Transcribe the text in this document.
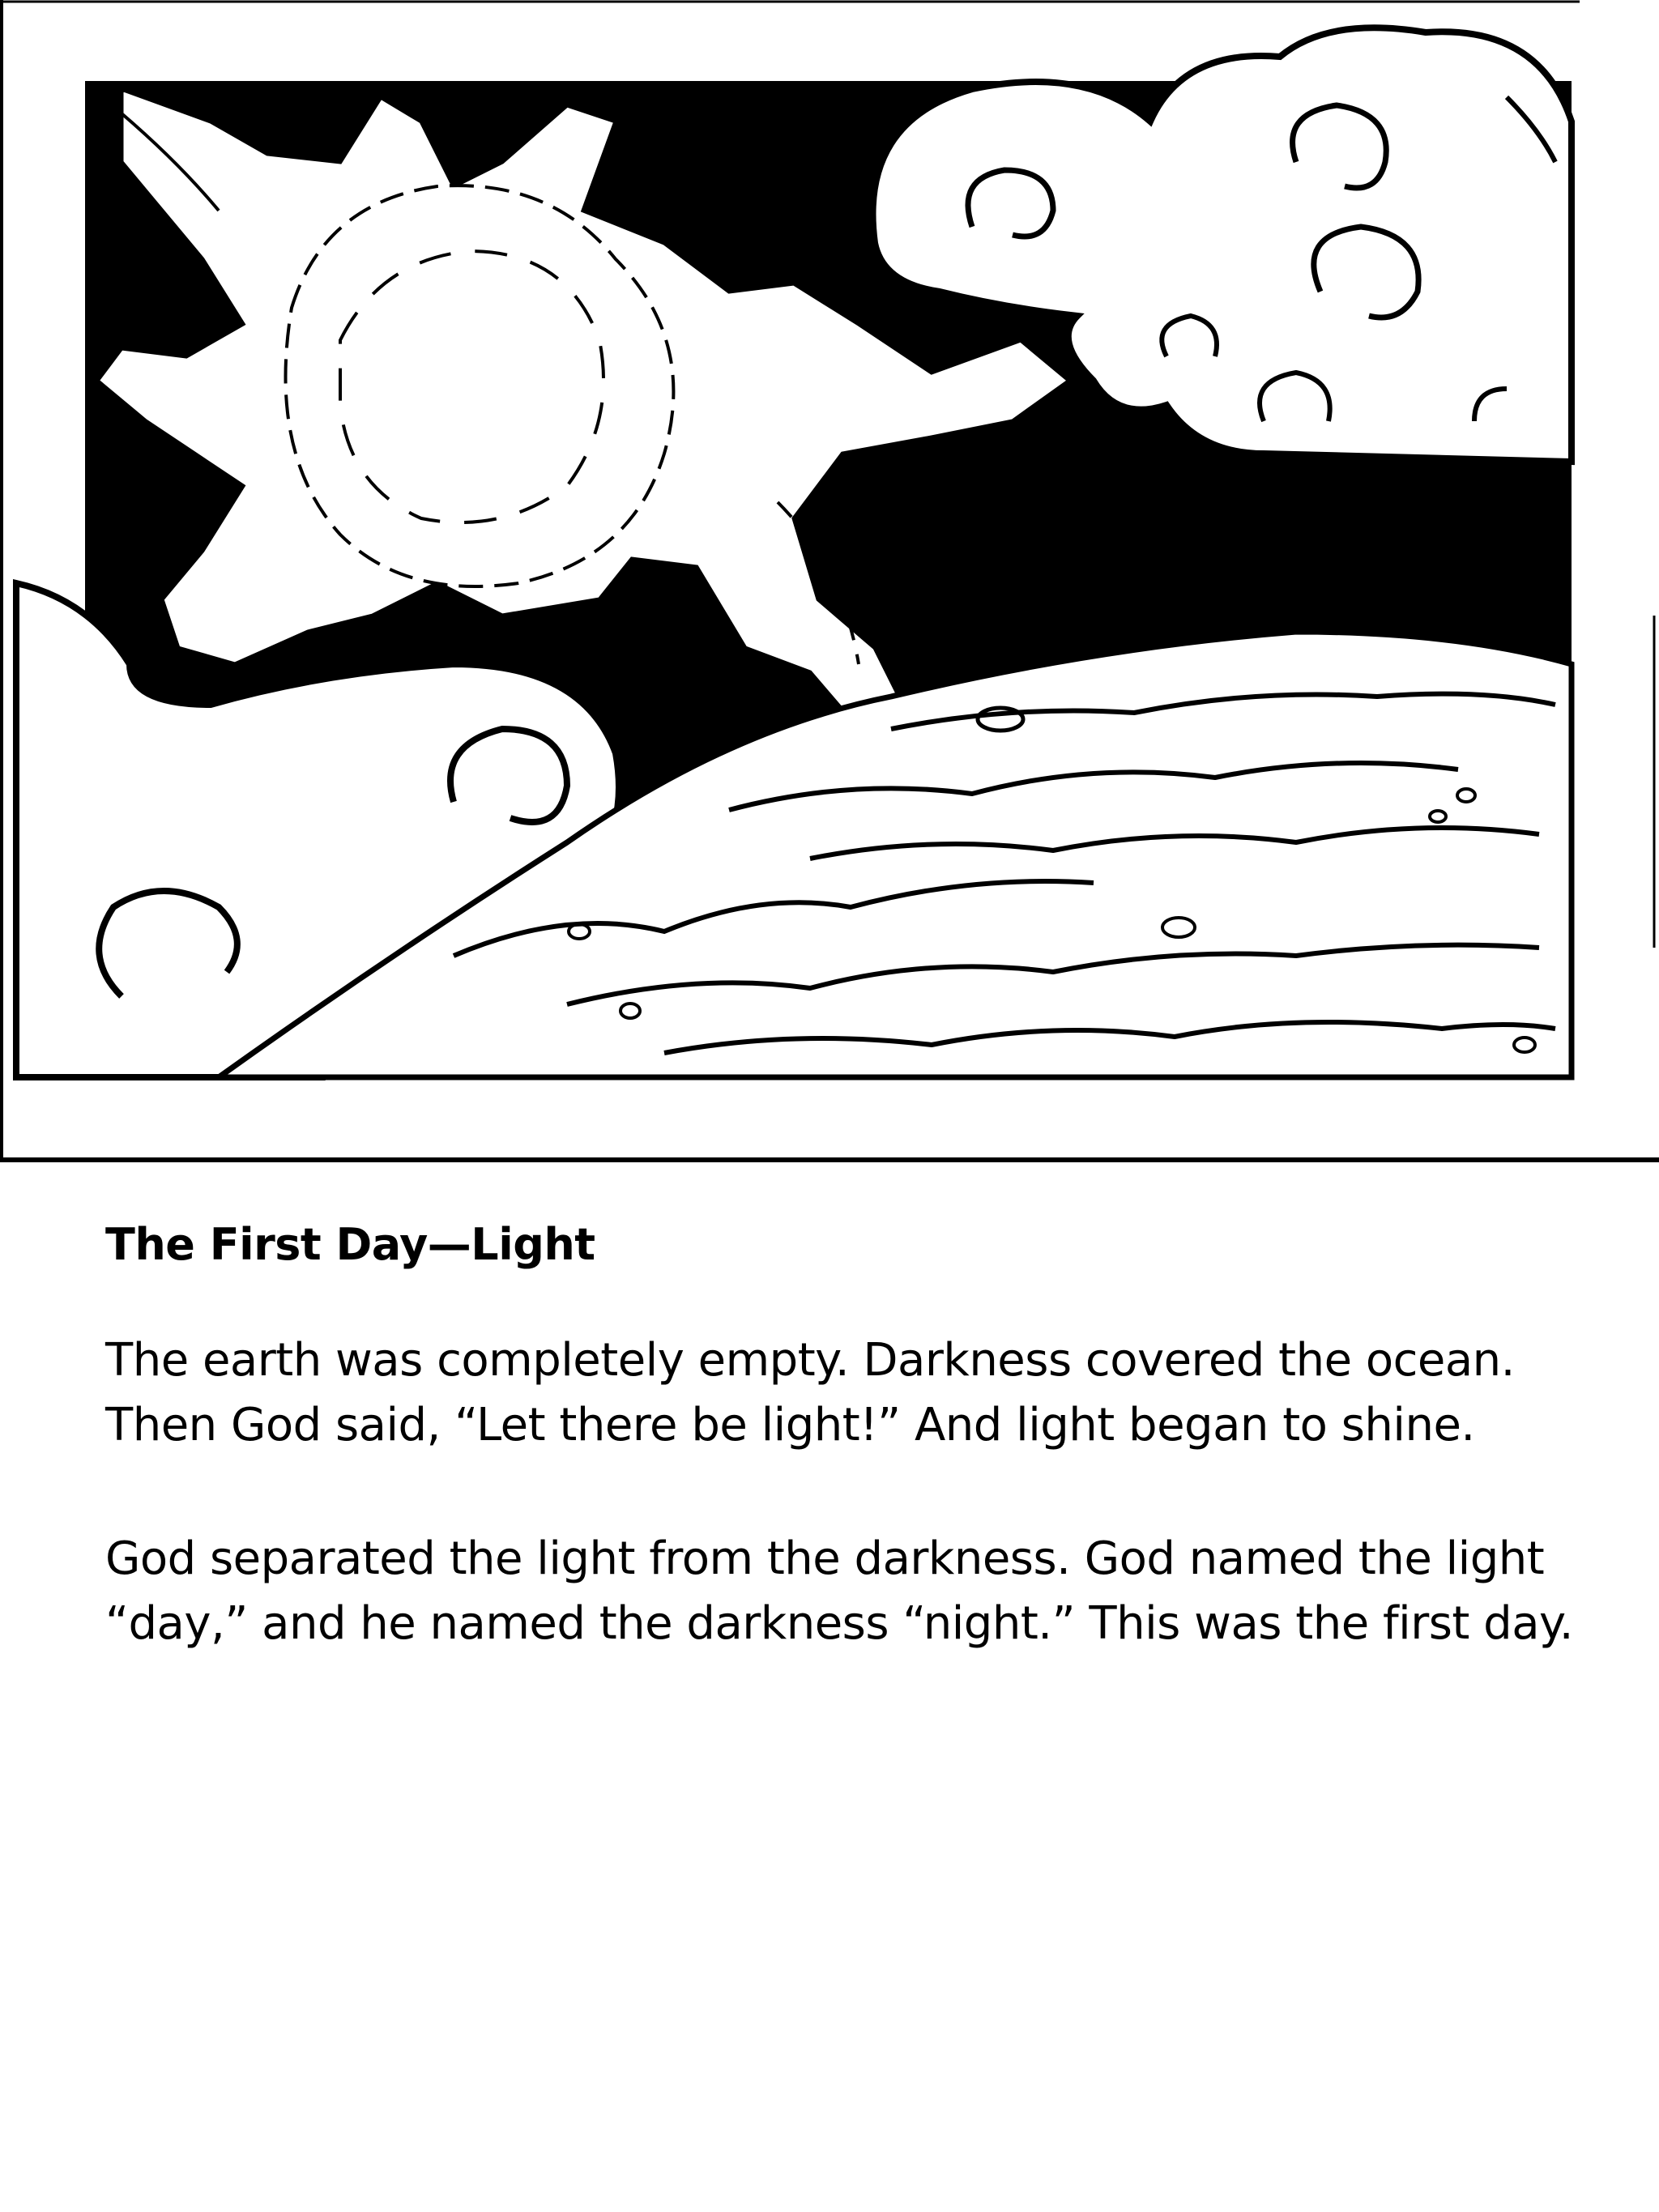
The First Day—Light

The earth was completely empty. Darkness covered the ocean.
Then God said, “Let there be light!” And light began to shine.

God separated the light from the darkness. God named the light
“day,” and he named the darkness “night.” This was the first day.
